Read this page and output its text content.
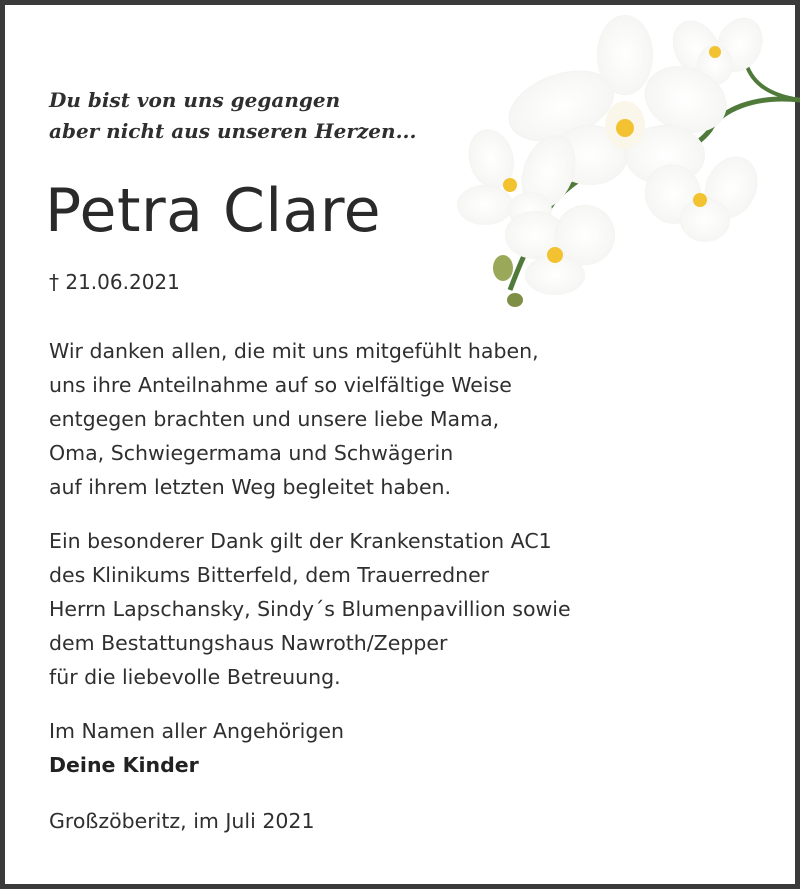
Du bist von uns gegangen
aber nicht aus unseren Herzen...

Petra Clare
† 21.06.2021

Wir danken allen, die mit uns mitgefühlt haben,
uns ihre Anteilnahme auf so vielfältige Weise
entgegen brachten und unsere liebe Mama,
Oma, Schwiegermama und Schwägerin
auf ihrem letzten Weg begleitet haben.

Ein besonderer Dank gilt der Krankenstation AC1
des Klinikums Bitterfeld, dem Trauerredner
Herrn Lapschansky, Sindy´s Blumenpavillion sowie
dem Bestattungshaus Nawroth/Zepper
für die liebevolle Betreuung.

Im Namen aller Angehörigen
Deine Kinder
Großzöberitz, im Juli 2021
